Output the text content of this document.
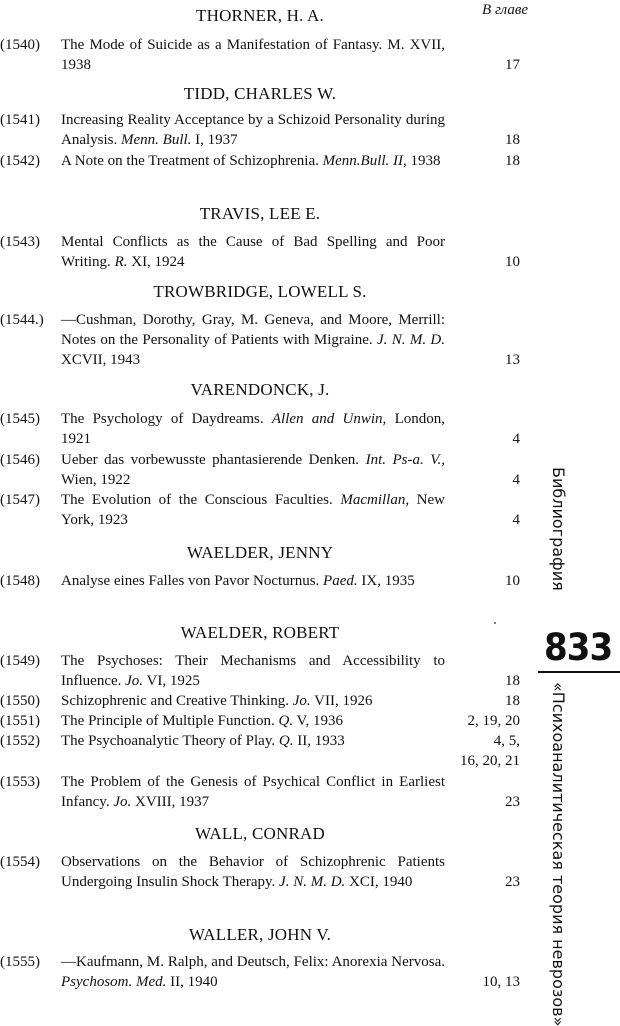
В главе
THORNER, H. A.
(1540) The Mode of Suicide as a Manifestation of Fantasy. M. XVII, 1938	17
TIDD, CHARLES W.
(1541) Increasing Reality Acceptance by a Schizoid Personality during Analysis. Menn. Bull. I, 1937	18
(1542) A Note on the Treatment of Schizophrenia. Menn.Bull. II, 1938	18
TRAVIS, LEE E.
(1543) Mental Conflicts as the Cause of Bad Spelling and Poor Writing. R. XI, 1924	10
TROWBRIDGE, LOWELL S.
(1544.) —Cushman, Dorothy, Gray, M. Geneva, and Moore, Merrill: Notes on the Personality of Patients with Migraine. J. N. M. D. XCVII, 1943	13
VARENDONCK, J.
(1545) The Psychology of Daydreams. Allen and Unwin, London, 1921	4
(1546) Ueber das vorbewusste phantasierende Denken. Int. Ps-a. V., Wien, 1922	4
(1547) The Evolution of the Conscious Faculties. Macmillan, New York, 1923	4
WAELDER, JENNY
(1548) Analyse eines Falles von Pavor Nocturnus. Paed. IX, 1935	10
WAELDER, ROBERT
(1549) The Psychoses: Their Mechanisms and Accessibility to Influence. Jo. VI, 1925	18
(1550) Schizophrenic and Creative Thinking. Jo. VII, 1926	18
(1551) The Principle of Multiple Function. Q. V, 1936	2, 19, 20
(1552) The Psychoanalytic Theory of Play. Q. II, 1933	4, 5,
16, 20, 21
(1553) The Problem of the Genesis of Psychical Conflict in Earliest Infancy. Jo. XVIII, 1937	23
WALL, CONRAD
(1554) Observations on the Behavior of Schizophrenic Patients Undergoing Insulin Shock Therapy. J. N. M. D. XCI, 1940	23
WALLER, JOHN V.
(1555) —Kaufmann, M. Ralph, and Deutsch, Felix: Anorexia Nervosa. Psychosom. Med. II, 1940	10, 13
Библиография
833
«Психоаналитическая теория неврозов»
